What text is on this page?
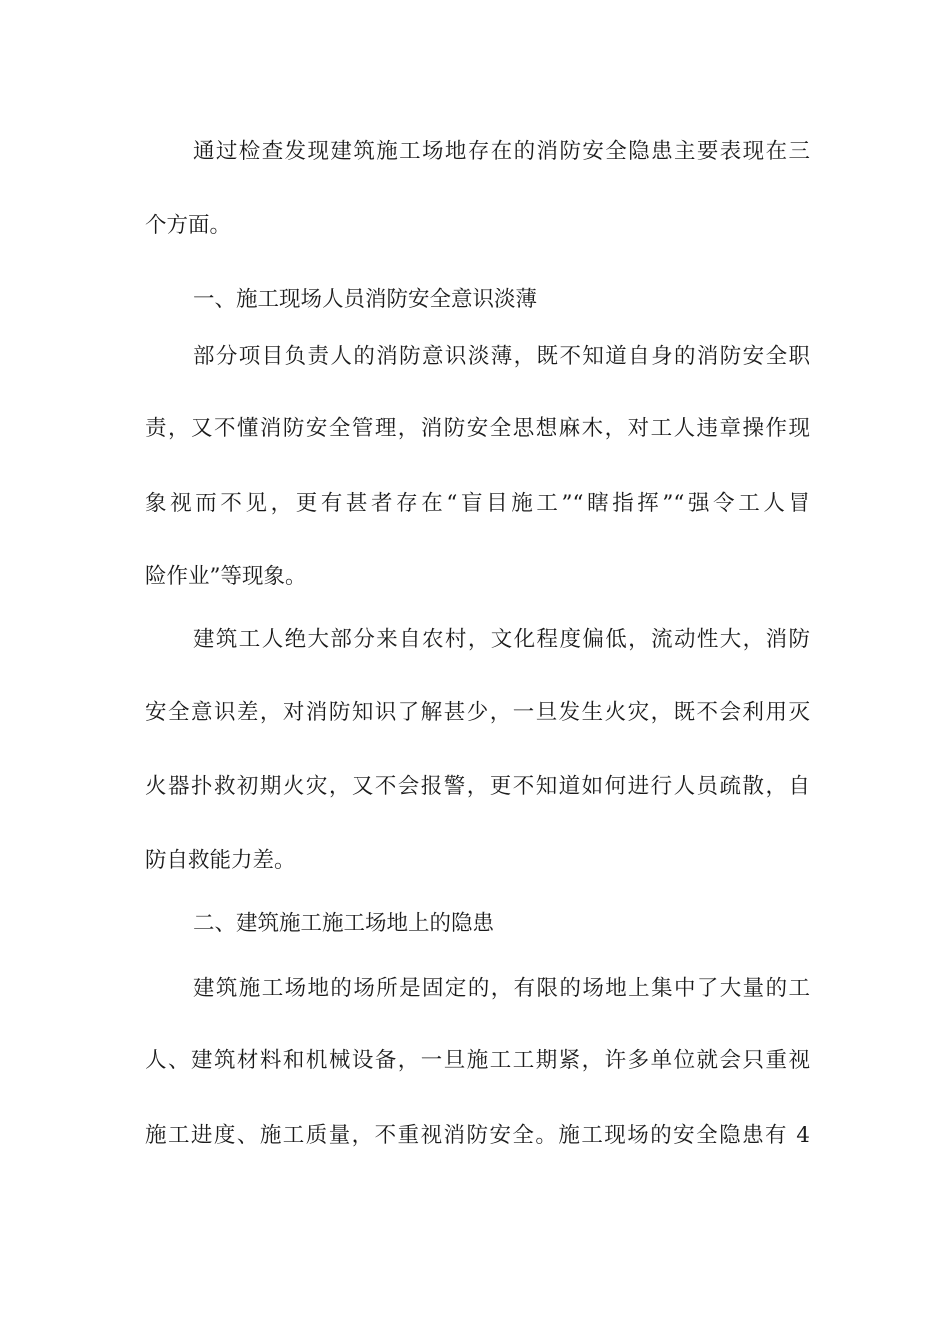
通过检查发现建筑施工场地存在的消防安全隐患主要表现在三
个方面。
一、施工现场人员消防安全意识淡薄
部分项目负责人的消防意识淡薄，既不知道自身的消防安全职
责，又不懂消防安全管理，消防安全思想麻木，对工人违章操作现
象视而不见，更有甚者存在“盲目施工”“瞎指挥”“强令工人冒
险作业”等现象。
建筑工人绝大部分来自农村，文化程度偏低，流动性大，消防
安全意识差，对消防知识了解甚少，一旦发生火灾，既不会利用灭
火器扑救初期火灾，又不会报警，更不知道如何进行人员疏散，自
防自救能力差。
二、建筑施工施工场地上的隐患
建筑施工场地的场所是固定的，有限的场地上集中了大量的工
人、建筑材料和机械设备，一旦施工工期紧，许多单位就会只重视
施工进度、施工质量，不重视消防安全。施工现场的安全隐患有 4
